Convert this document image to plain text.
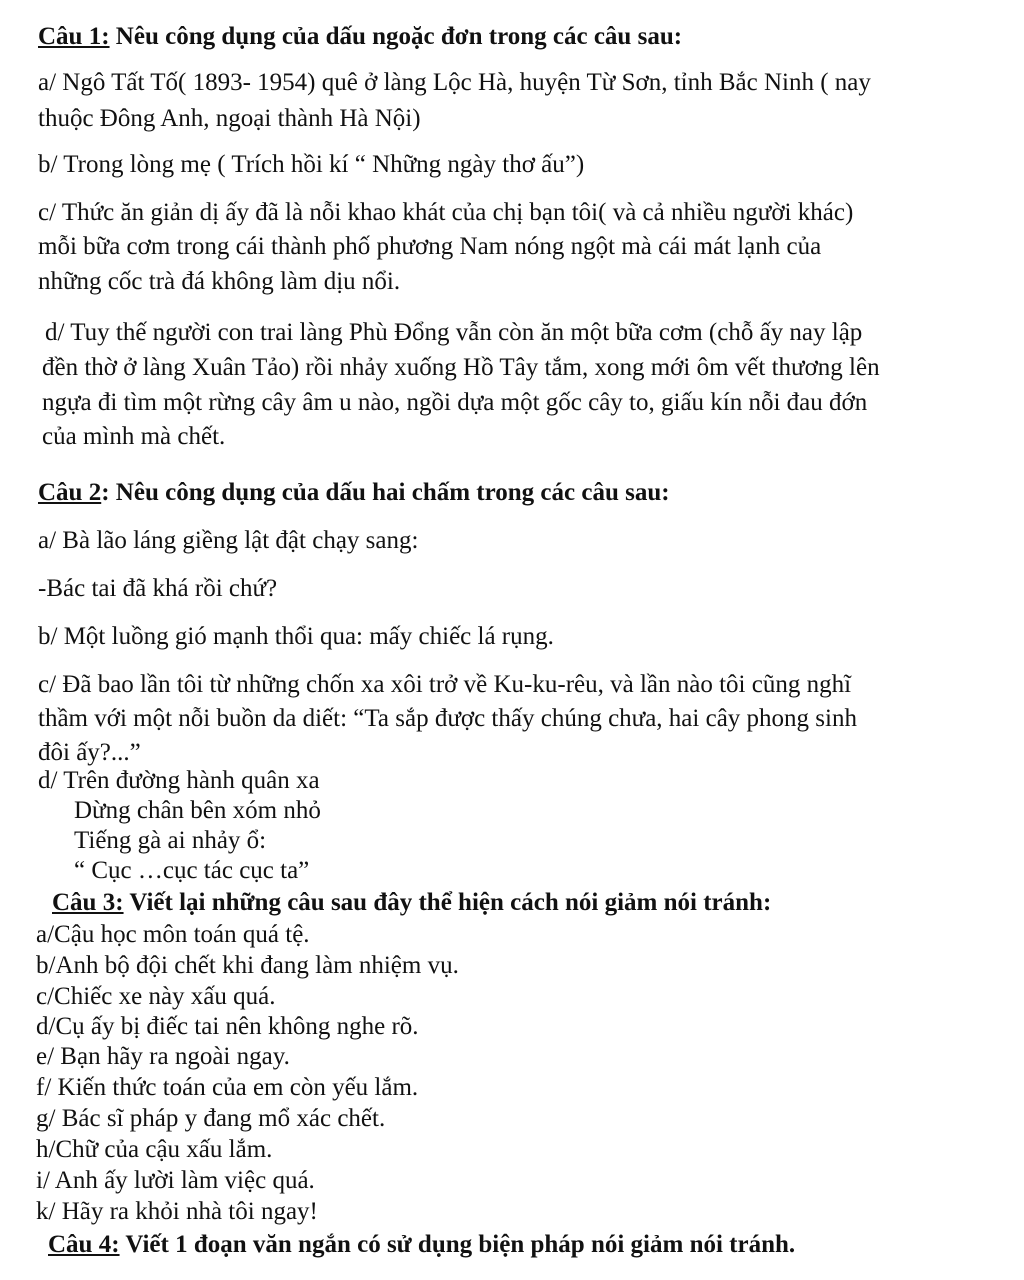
Câu 1: Nêu công dụng của dấu ngoặc đơn trong các câu sau:
a/ Ngô Tất Tố( 1893- 1954) quê ở làng Lộc Hà, huyện Từ Sơn, tỉnh Bắc Ninh ( nay
thuộc Đông Anh, ngoại thành Hà Nội)
b/ Trong lòng mẹ ( Trích hồi kí “ Những ngày thơ ấu”)
c/ Thức ăn giản dị ấy đã là nỗi khao khát của chị bạn tôi( và cả nhiều người khác)
mỗi bữa cơm trong cái thành phố phương Nam nóng ngột mà cái mát lạnh của
những cốc trà đá không làm dịu nổi.
d/ Tuy thế người con trai làng Phù Đổng vẫn còn ăn một bữa cơm (chỗ ấy nay lập
đền thờ ở làng Xuân Tảo) rồi nhảy xuống Hồ Tây tắm, xong mới ôm vết thương lên
ngựa đi tìm một rừng cây âm u nào, ngồi dựa một gốc cây to, giấu kín nỗi đau đớn
của mình mà chết.
Câu 2: Nêu công dụng của dấu hai chấm trong các câu sau:
a/ Bà lão láng giềng lật đật chạy sang:
-Bác tai đã khá rồi chứ?
b/ Một luồng gió mạnh thổi qua: mấy chiếc lá rụng.
c/ Đã bao lần tôi từ những chốn xa xôi trở về Ku-ku-rêu, và lần nào tôi cũng nghĩ
thầm với một nỗi buồn da diết: “Ta sắp được thấy chúng chưa, hai cây phong sinh
đôi ấy?...”
d/ Trên đường hành quân xa
Dừng chân bên xóm nhỏ
Tiếng gà ai nhảy ổ:
“ Cục …cục tác cục ta”
Câu 3: Viết lại những câu sau đây thể hiện cách nói giảm nói tránh:
a/Cậu học môn toán quá tệ.
b/Anh bộ đội chết khi đang làm nhiệm vụ.
c/Chiếc xe này xấu quá.
d/Cụ ấy bị điếc tai nên không nghe rõ.
e/ Bạn hãy ra ngoài ngay.
f/ Kiến thức toán của em còn yếu lắm.
g/ Bác sĩ pháp y đang mổ xác chết.
h/Chữ của cậu xấu lắm.
i/ Anh ấy lười làm việc quá.
k/ Hãy ra khỏi nhà tôi ngay!
Câu 4: Viết 1 đoạn văn ngắn có sử dụng biện pháp nói giảm nói tránh.
